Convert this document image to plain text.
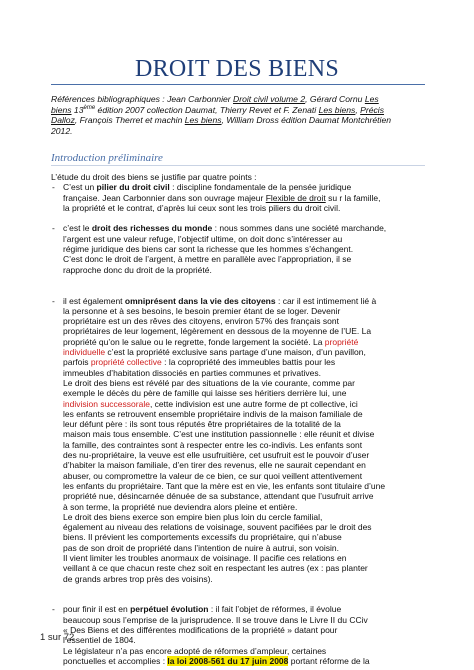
DROIT DES BIENS

Références bibliographiques : Jean Carbonnier Droit civil volume 2, Gérard Cornu Les
biens 13ème édition 2007 collection Daumat, Thierry Revet et F. Zenati Les biens, Précis
Dalloz, François Therret et machin Les biens, William Dross édition Daumat Montchrétien
2012.

Introduction préliminaire

L’étude du droit des biens se justifie par quatre points :

- C’est un pilier du droit civil : discipline fondamentale de la pensée juridique
française. Jean Carbonnier dans son ouvrage majeur Flexible de droit su r la famille,
la propriété et le contrat, d’après lui ceux sont les trois piliers du droit civil.
- c’est le droit des richesses du monde : nous sommes dans une société marchande,
l’argent est une valeur refuge, l’objectif ultime, on doit donc s’intéresser au
régime juridique des biens car sont la richesse que les hommes s’échangent.
C’est donc le droit de l’argent, à mettre en parallèle avec l’appropriation, il se
rapproche donc du droit de la propriété.
- il est également omniprésent dans la vie des citoyens : car il est intimement lié à
la personne et à ses besoins, le besoin premier étant de se loger. Devenir
propriétaire est un des rêves des citoyens, environ 57% des français sont
propriétaires de leur logement, légèrement en dessous de la moyenne de l’UE. La
propriété qu’on le salue ou le regrette, fonde largement la société. La propriété
individuelle c’est la propriété exclusive sans partage d’une maison, d’un pavillon,
parfois propriété collective : la copropriété des immeubles battis pour les
immeubles d’habitation dissociés en parties communes et privatives.
Le droit des biens est révélé par des situations de la vie courante, comme par
exemple le décès du père de famille qui laisse ses héritiers derrière lui, une
indivision successorale, cette indivision est une autre forme de pt collective, ici
les enfants se retrouvent ensemble propriétaire indivis de la maison familiale de
leur défunt père : ils sont tous réputés être propriétaires de la totalité de la
maison mais tous ensemble. C’est une institution passionnelle : elle réunit et divise
la famille, des contraintes sont à respecter entre les co-indivis. Les enfants sont
des nu-propriétaire, la veuve est elle usufruitière, cet usufruit est le pouvoir d’user
d’habiter la maison familiale, d’en tirer des revenus, elle ne saurait cependant en
abuser, ou compromettre la valeur de ce bien, ce sur quoi veillent attentivement
les enfants du propriétaire. Tant que la mère est en vie, les enfants sont titulaire d’une
propriété nue, désincarnée dénuée de sa substance, attendant que l’usufruit arrive
à son terme, la propriété nue deviendra alors pleine et entière.
Le droit des biens exerce son empire bien plus loin du cercle familial,
également au niveau des relations de voisinage, souvent pacifiées par le droit des
biens. Il prévient les comportements excessifs du propriétaire, qui n’abuse
pas de son droit de propriété dans l’intention de nuire à autrui, son voisin.
Il vient limiter les troubles anormaux de voisinage. Il pacifie ces relations en
veillant à ce que chacun reste chez soit en respectant les autres (ex : pas planter
de grands arbres trop près des voisins).
- pour finir il est en perpétuel évolution : il fait l’objet de réformes, il évolue
beaucoup sous l’emprise de la jurisprudence. Il se trouve dans le Livre II du CCiv
« Des Biens et des différentes modifications de la propriété » datant pour
l’essentiel de 1804.
Le législateur n’a pas encore adopté de réformes d’ampleur, certaines
ponctuelles et accomplies : la loi 2008-561 du 17 juin 2008 portant réforme de la
1 sur 72
